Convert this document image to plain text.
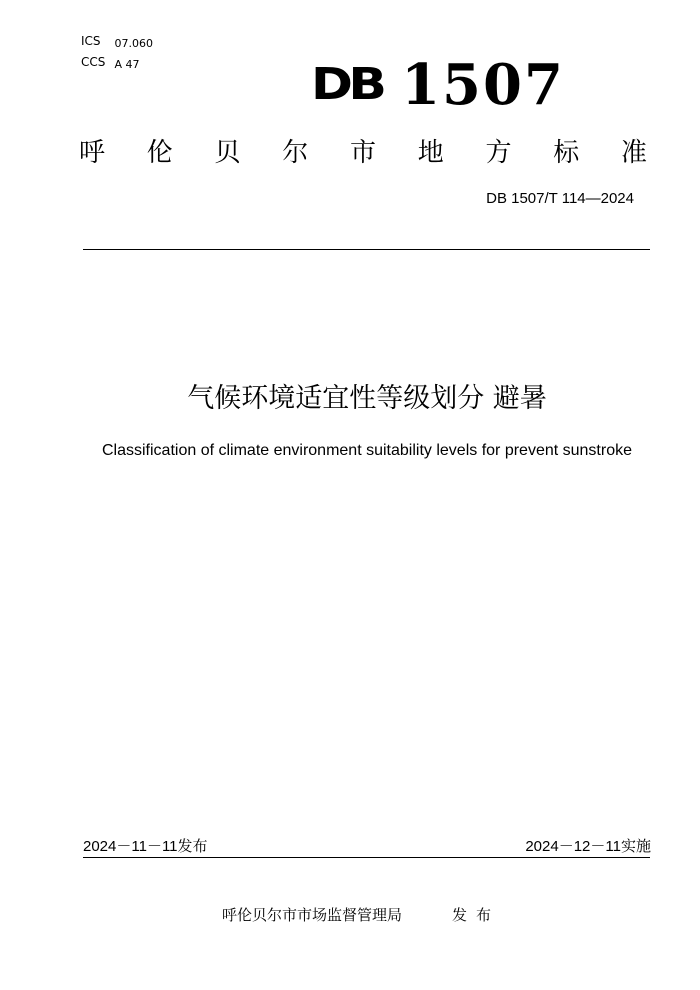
ICS 07.060
CCS A 47	DB 1507
呼 伦 贝 尔 市 地 方 标 准
DB 1507/T 114—2024
气候环境适宜性等级划分 避暑
Classification of climate environment suitability levels for prevent sunstroke
2024－11－11发布	2024－12－11实施
呼伦贝尔市市场监督管理局	发布
